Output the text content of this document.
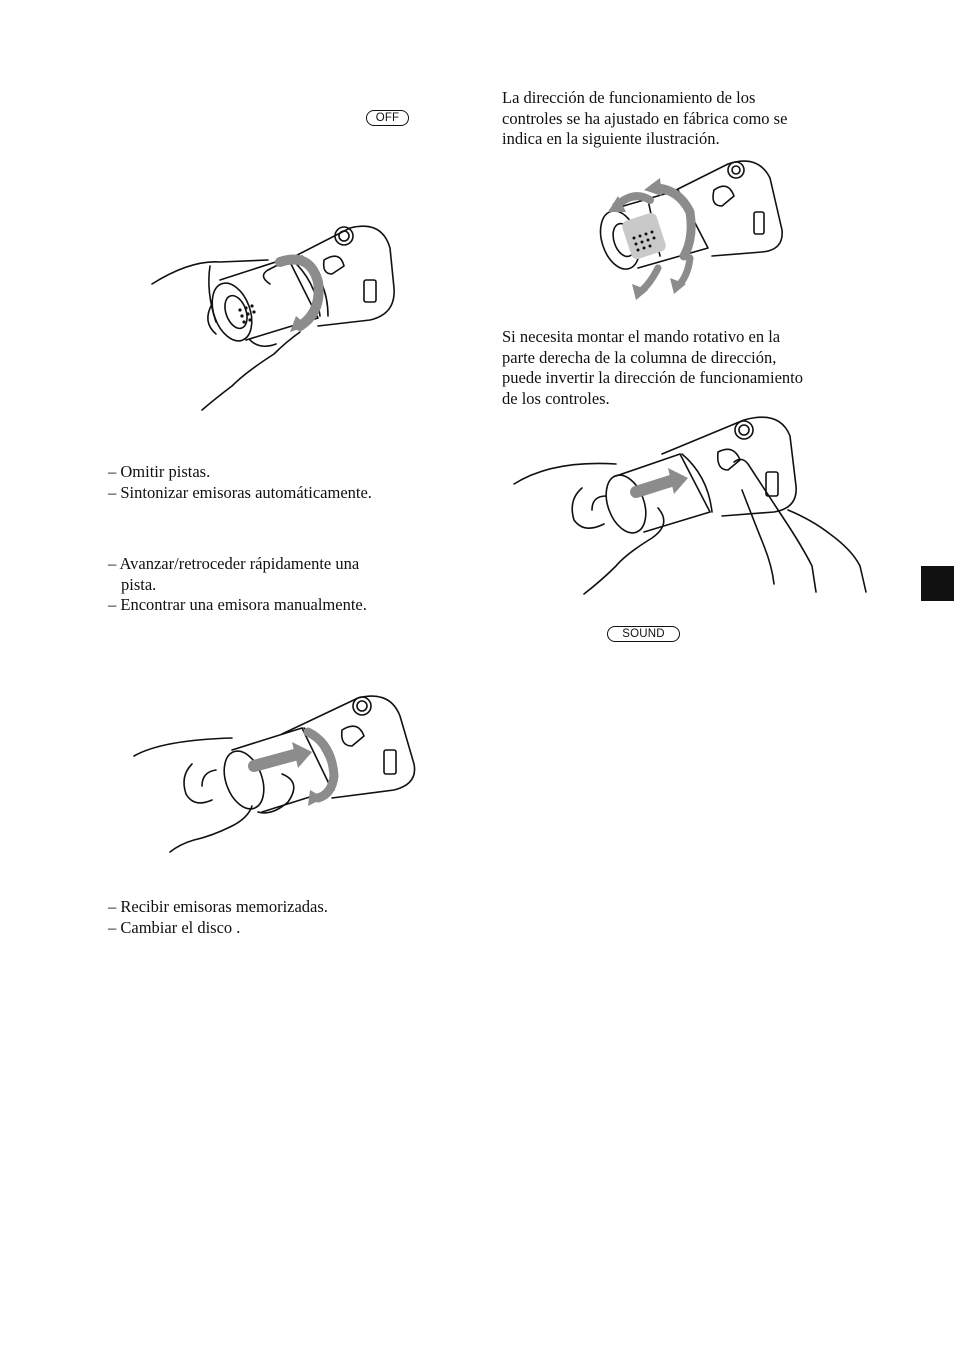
OFF
– Omitir pistas.
– Sintonizar emisoras automáticamente.
– Avanzar/retroceder rápidamente una
pista.
– Encontrar una emisora manualmente.
– Recibir emisoras memorizadas.
– Cambiar el disco .
La dirección de funcionamiento de los
controles se ha ajustado en fábrica como se
indica en la siguiente ilustración.
Si necesita montar el mando rotativo en la
parte derecha de la columna de dirección,
puede invertir la dirección de funcionamiento
de los controles.
SOUND
